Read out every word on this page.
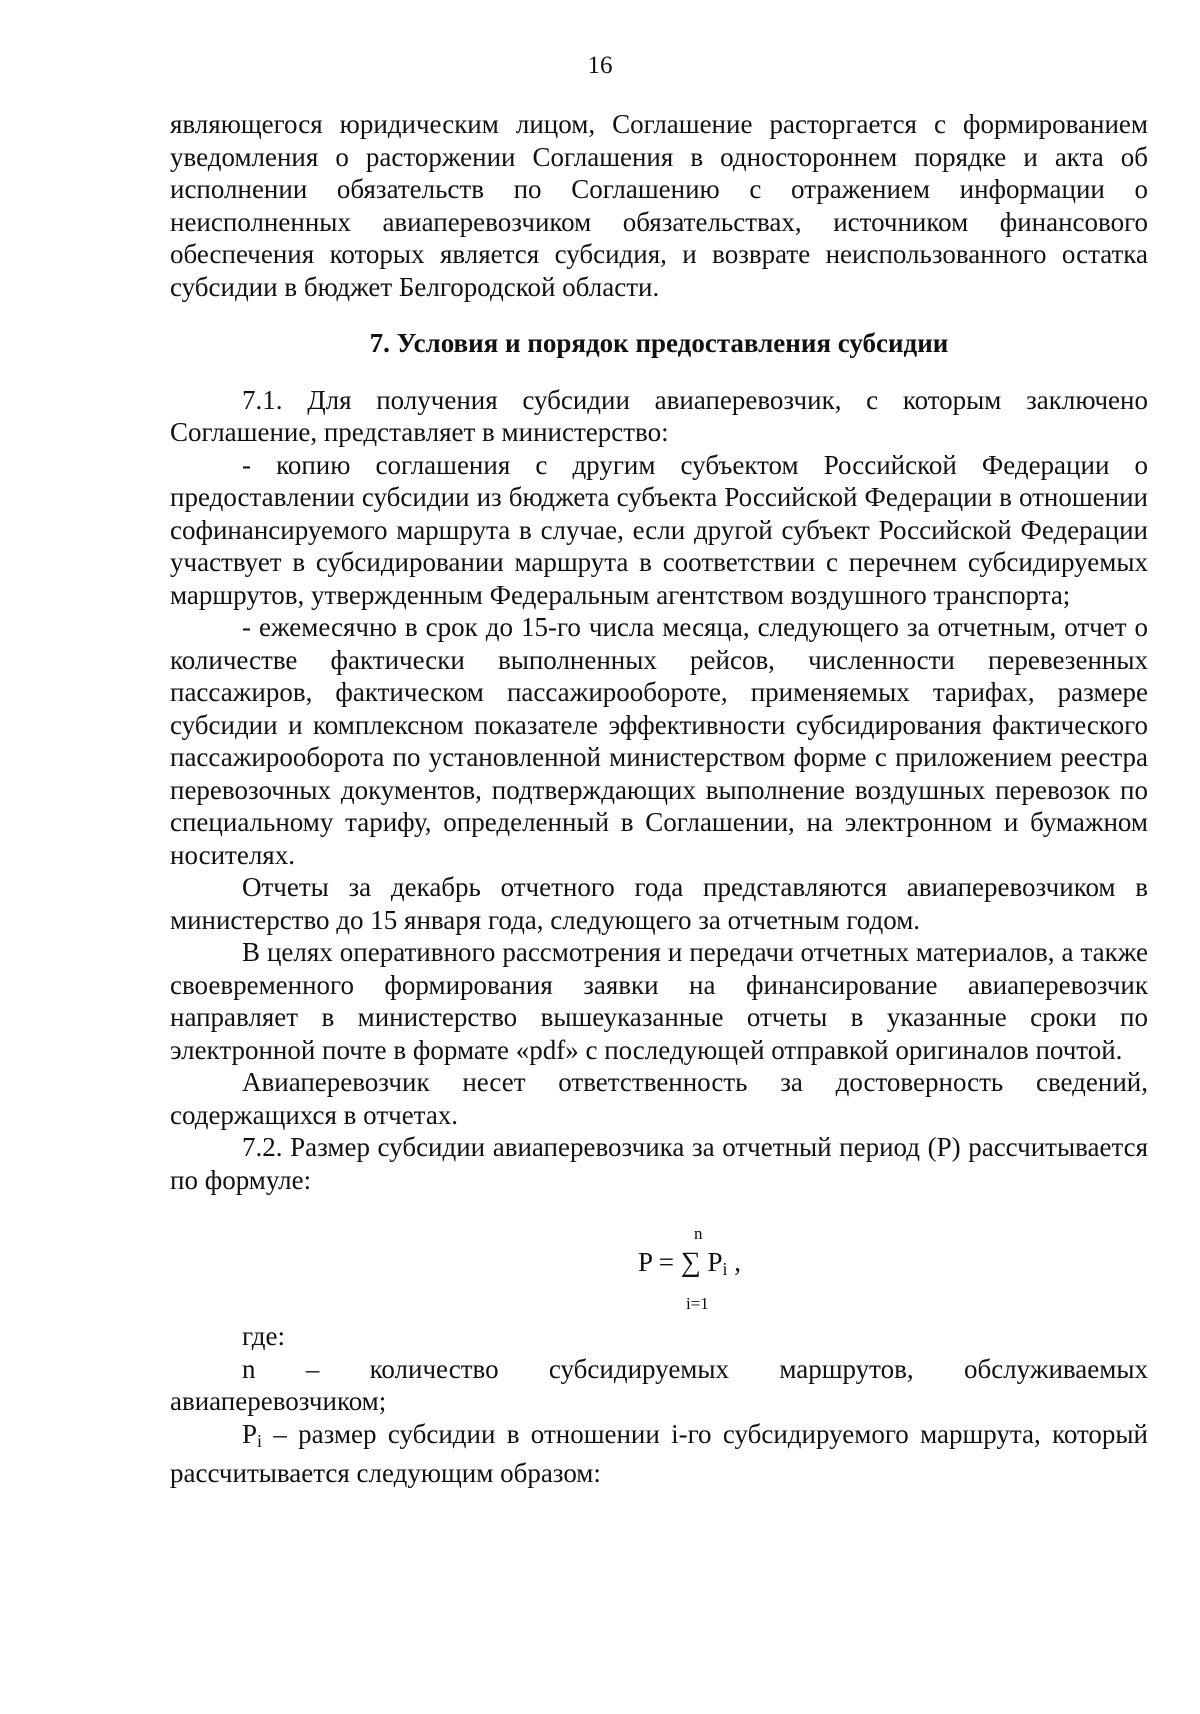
16

являющегося юридическим лицом, Соглашение расторгается с формированием уведомления о расторжении Соглашения в одностороннем порядке и акта об исполнении обязательств по Соглашению с отражением информации о неисполненных авиаперевозчиком обязательствах, источником финансового обеспечения которых является субсидия, и возврате неиспользованного остатка субсидии в бюджет Белгородской области.

7. Условия и порядок предоставления субсидии

7.1. Для получения субсидии авиаперевозчик, с которым заключено Соглашение, представляет в министерство:

- копию соглашения с другим субъектом Российской Федерации о предоставлении субсидии из бюджета субъекта Российской Федерации в отношении софинансируемого маршрута в случае, если другой субъект Российской Федерации участвует в субсидировании маршрута в соответствии с перечнем субсидируемых маршрутов, утвержденным Федеральным агентством воздушного транспорта;

- ежемесячно в срок до 15-го числа месяца, следующего за отчетным, отчет о количестве фактически выполненных рейсов, численности перевезенных пассажиров, фактическом пассажирообороте, применяемых тарифах, размере субсидии и комплексном показателе эффективности субсидирования фактического пассажирооборота по установленной министерством форме с приложением реестра перевозочных документов, подтверждающих выполнение воздушных перевозок по специальному тарифу, определенный в Соглашении, на электронном и бумажном носителях.

Отчеты за декабрь отчетного года представляются авиаперевозчиком в министерство до 15 января года, следующего за отчетным годом.

В целях оперативного рассмотрения и передачи отчетных материалов, а также своевременного формирования заявки на финансирование авиаперевозчик направляет в министерство вышеуказанные отчеты в указанные сроки по электронной почте в формате «pdf» с последующей отправкой оригиналов почтой.

Авиаперевозчик несет ответственность за достоверность сведений, содержащихся в отчетах.

7.2. Размер субсидии авиаперевозчика за отчетный период (Р) рассчитывается по формуле:

n
P = ∑ $P_i$ ,
i=1

где:

n – количество субсидируемых маршрутов, обслуживаемых

авиаперевозчиком;

$P_i$ – размер субсидии в отношении i-го субсидируемого маршрута, который рассчитывается следующим образом:
